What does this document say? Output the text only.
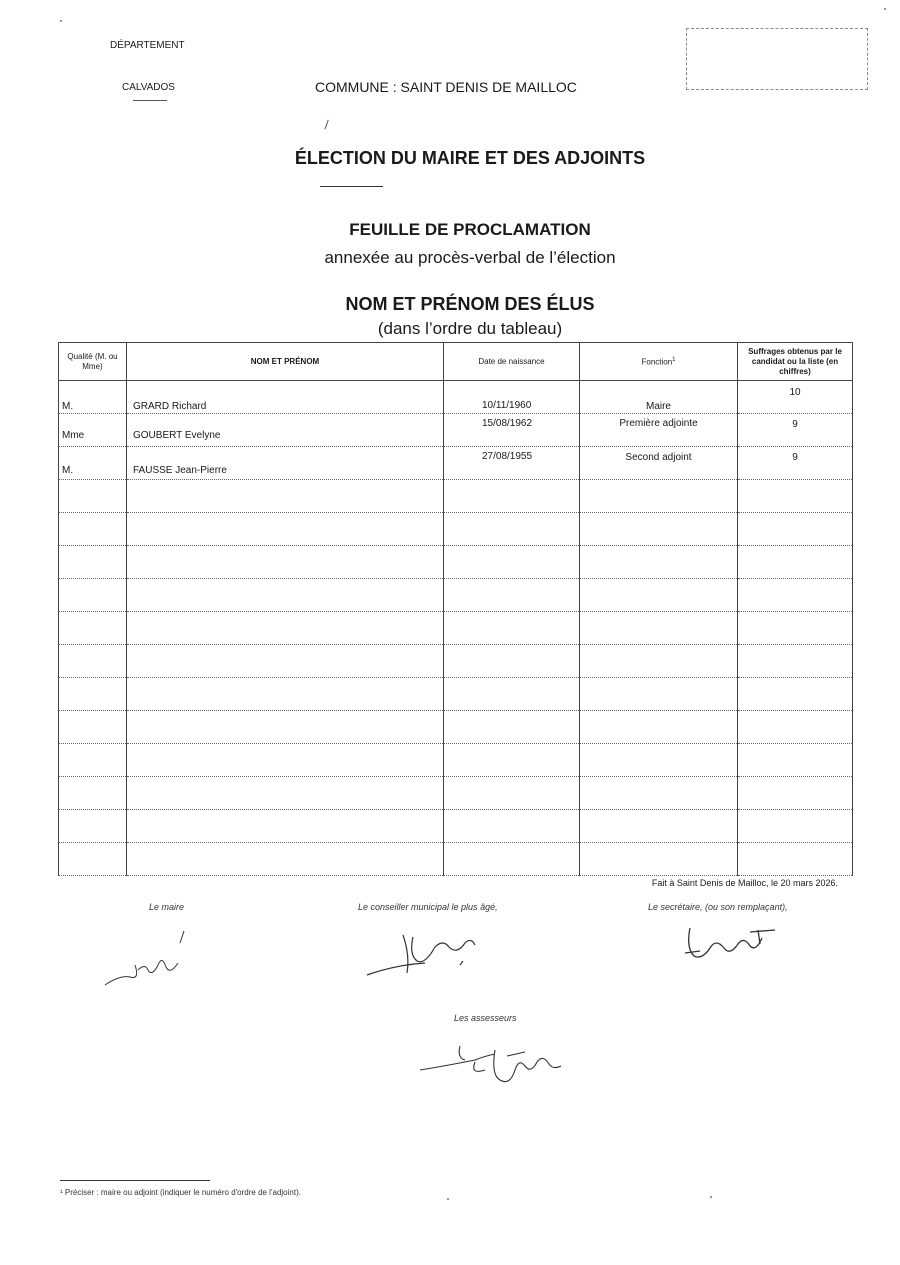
DÉPARTEMENT
CALVADOS	COMMUNE : SAINT DENIS DE MAILLOC
ÉLECTION DU MAIRE ET DES ADJOINTS
FEUILLE DE PROCLAMATION
annexée au procès-verbal de l’élection
NOM ET PRÉNOM DES ÉLUS
(dans l’ordre du tableau)
Qualité (M. ou Mme)	NOM ET PRÉNOM	Date de naissance	Fonction$^1$	Suffrages obtenus par le candidat ou la liste (en chiffres)

M.	GRARD Richard	10/11/1960	Maire	10

Mme	GOUBERT Evelyne	15/08/1962	Première adjointe	9

M.	FAUSSE Jean-Pierre	27/08/1955	Second adjoint	9

Fait à Saint Denis de Mailloc, le 20 mars 2026.
Le maire	Le conseiller municipal le plus âgé,	Le secrétaire, (ou son remplaçant),
Les assesseurs
¹ Préciser : maire ou adjoint (indiquer le numéro d'ordre de l'adjoint).
